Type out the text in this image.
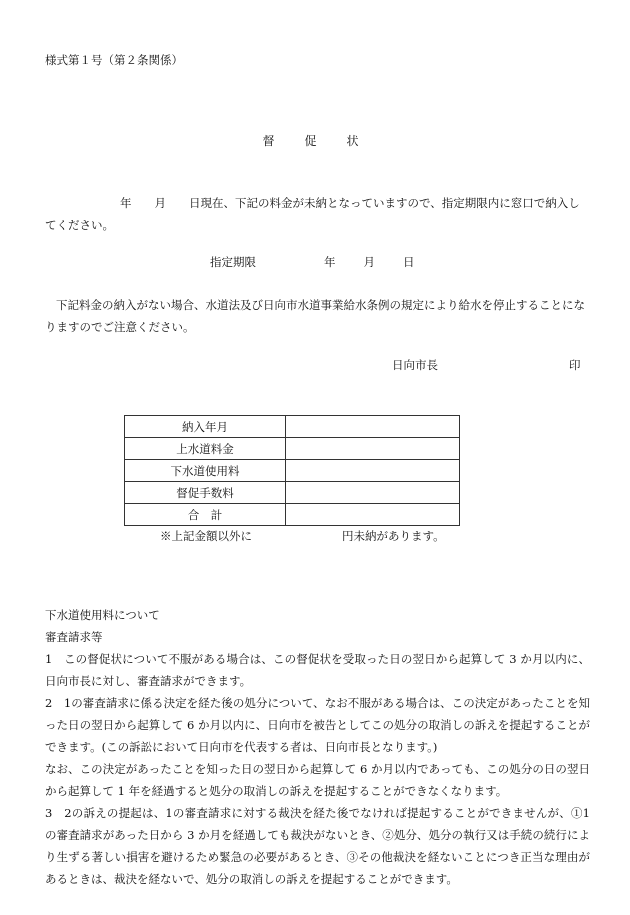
様式第１号（第２条関係）
督　促　状
　　年　　月　　日現在、下記の料金が未納となっていますので、指定期限内に窓口で納入してください。
指定期限	年 月 日
下記料金の納入がない場合、水道法及び日向市水道事業給水条例の規定により給水を停止することになりますのでご注意ください。
日向市長	印
納入年月	
上水道料金	
下水道使用料	
督促手数料	
合　計	
※上記金額以外に	円未納があります。

下水道使用料について

審査請求等

1　この督促状について不服がある場合は、この督促状を受取った日の翌日から起算して 3 か月以内に、日向市長に対し、審査請求ができます。

2　1の審査請求に係る決定を経た後の処分について、なお不服がある場合は、この決定があったことを知った日の翌日から起算して 6 か月以内に、日向市を被告としてこの処分の取消しの訴えを提起することができます。(この訴訟において日向市を代表する者は、日向市長となります。)

なお、この決定があったことを知った日の翌日から起算して 6 か月以内であっても、この処分の日の翌日から起算して 1 年を経過すると処分の取消しの訴えを提起することができなくなります。

3　2の訴えの提起は、1の審査請求に対する裁決を経た後でなければ提起することができませんが、①1の審査請求があった日から 3 か月を経過しても裁決がないとき、②処分、処分の執行又は手続の続行により生ずる著しい損害を避けるため緊急の必要があるとき、③その他裁決を経ないことにつき正当な理由があるときは、裁決を経ないで、処分の取消しの訴えを提起することができます。
